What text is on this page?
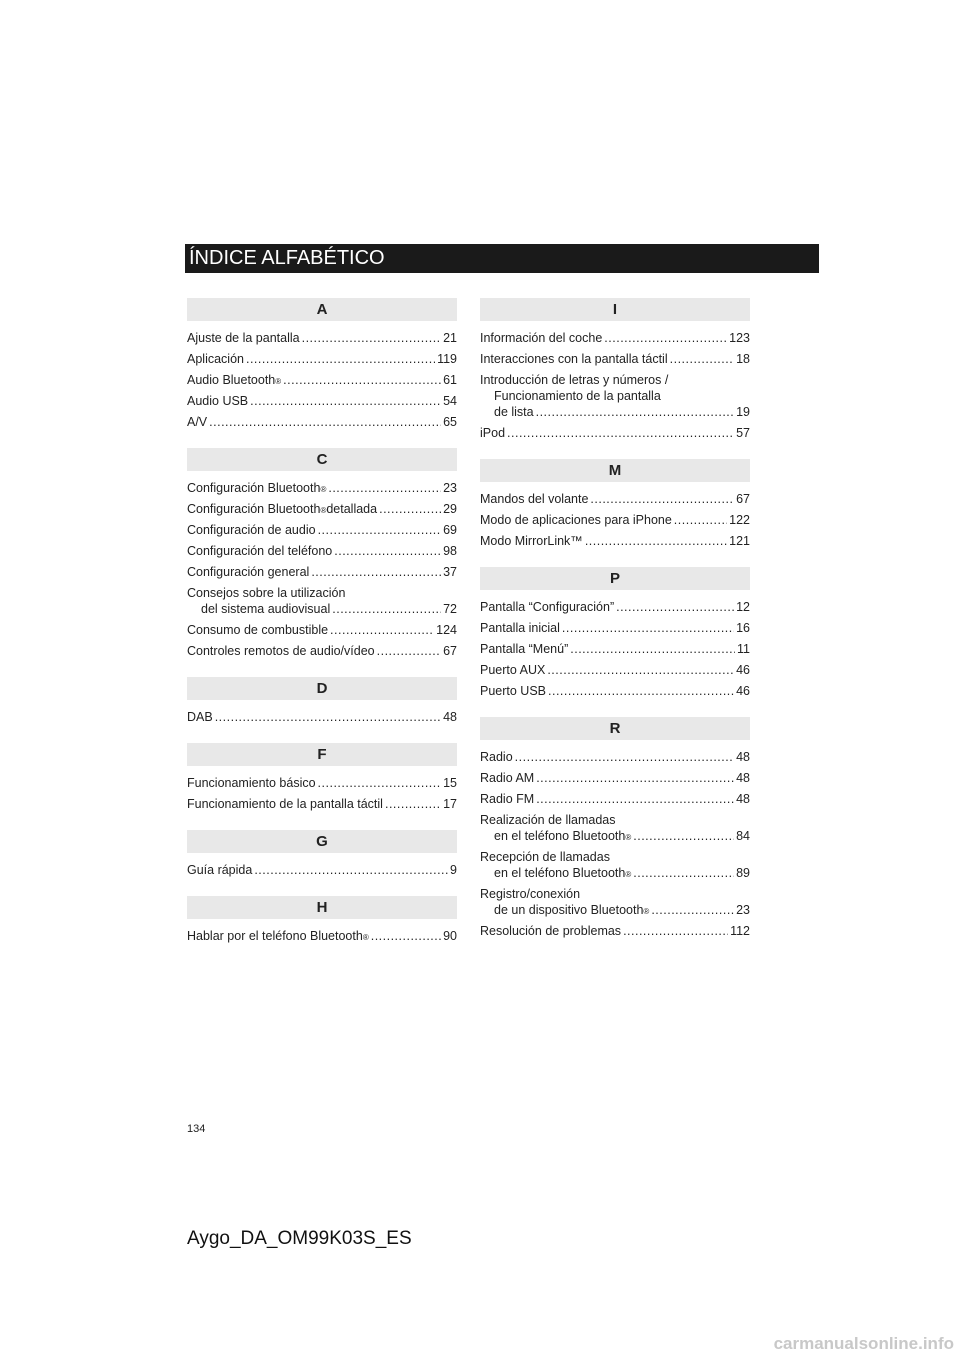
ÍNDICE ALFABÉTICO
A
Ajuste de la pantalla .....	21
Aplicación .....	119
Audio Bluetooth ® .....	61
Audio USB .....	54
A/V .....	65
C
Configuración Bluetooth ® .....	23
Configuración Bluetooth ® detallada .....	29
Configuración de audio .....	69
Configuración del teléfono .....	98
Configuración general .....	37
Consejos sobre la utilización
del sistema audiovisual .....	72
Consumo de combustible .....	124
Controles remotos de audio/vídeo .....	67
D
DAB .....	48
F
Funcionamiento básico .....	15
Funcionamiento de la pantalla táctil .....	17
G
Guía rápida .....	9
H
Hablar por el teléfono Bluetooth ® .....	90
I
Información del coche .....	123
Interacciones con la pantalla táctil .....	18
Introducción de letras y números /
Funcionamiento de la pantalla
de lista .....	19
iPod .....	57
M
Mandos del volante .....	67
Modo de aplicaciones para iPhone .....	122
Modo MirrorLink™ .....	121
P
Pantalla “Configuración” .....	12
Pantalla inicial .....	16
Pantalla “Menú” .....	11
Puerto AUX .....	46
Puerto USB .....	46
R
Radio .....	48
Radio AM .....	48
Radio FM .....	48
Realización de llamadas
en el teléfono Bluetooth ® .....	84
Recepción de llamadas
en el teléfono Bluetooth ® .....	89
Registro/conexión
de un dispositivo Bluetooth ® .....	23
Resolución de problemas .....	112
134
Aygo_DA_OM99K03S_ES
carmanualsonline.info
